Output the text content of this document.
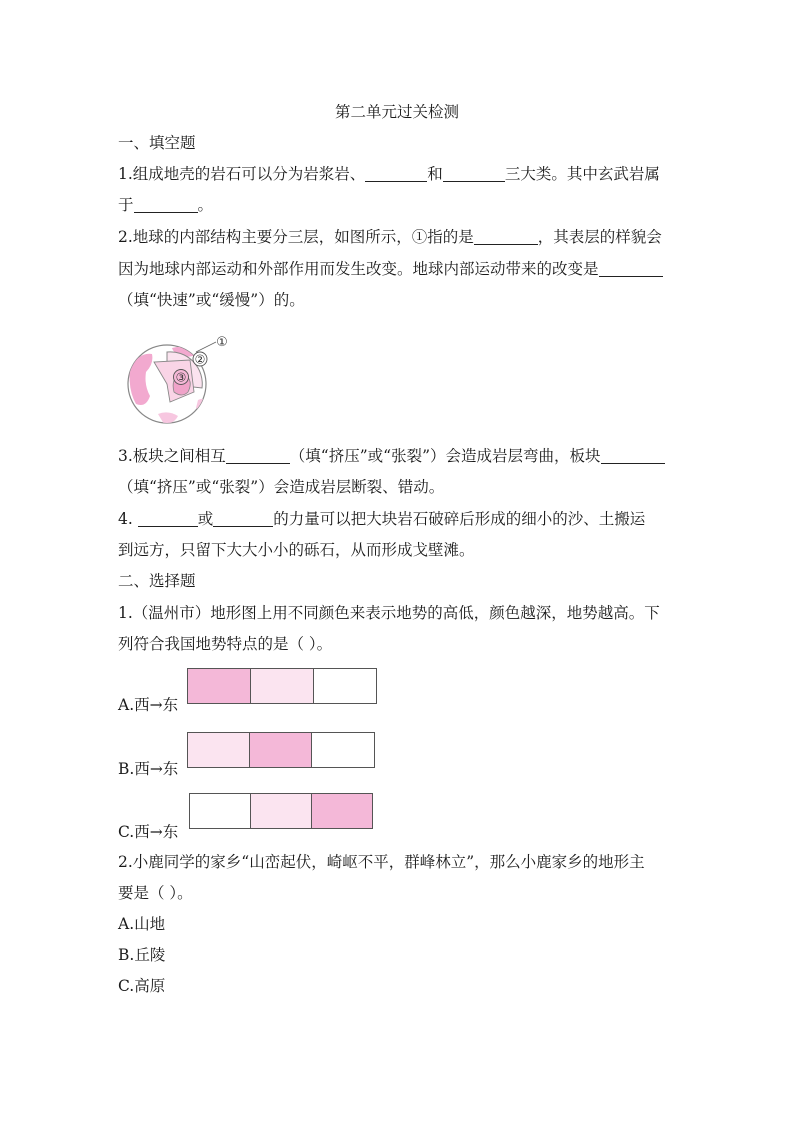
第二单元过关检测
一、填空题
1.组成地壳的岩石可以分为岩浆岩、	和	三大类。其中玄武岩属
于	。
2.地球的内部结构主要分三层，如图所示，①指的是	，其表层的样貌会
因为地球内部运动和外部作用而发生改变。地球内部运动带来的改变是
（填“快速”或“缓慢”）的。
①
②
③
3.板块之间相互	（填“挤压”或“张裂”）会造成岩层弯曲，板块
（填“挤压”或“张裂”）会造成岩层断裂、错动。
4.	或	的力量可以把大块岩石破碎后形成的细小的沙、土搬运
到远方，只留下大大小小的砾石，从而形成戈壁滩。
二、选择题
1.（温州市）地形图上用不同颜色来表示地势的高低，颜色越深，地势越高。下
列符合我国地势特点的是（ ）。
A.西→东
B.西→东
C.西→东
2.小鹿同学的家乡“山峦起伏，崎岖不平，群峰林立”，那么小鹿家乡的地形主
要是（ ）。
A.山地
B.丘陵
C.高原
